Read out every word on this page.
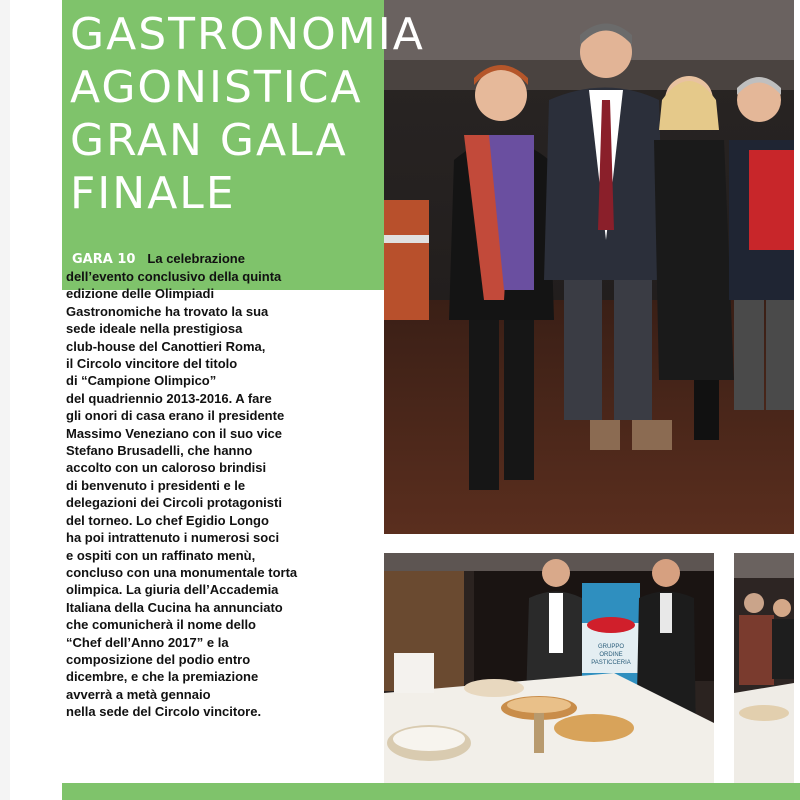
GRUPPO
ORDINE
PASTICCERIA
GASTRONOMIA
AGONISTICA
GRAN GALA
FINALE
GARA 10 La celebrazione
dell’evento conclusivo della quinta
edizione delle Olimpiadi
Gastronomiche ha trovato la sua
sede ideale nella prestigiosa
club-house del Canottieri Roma,
il Circolo vincitore del titolo
di “Campione Olimpico”
del quadriennio 2013-2016. A fare
gli onori di casa erano il presidente
Massimo Veneziano con il suo vice
Stefano Brusadelli, che hanno
accolto con un caloroso brindisi
di benvenuto i presidenti e le
delegazioni dei Circoli protagonisti
del torneo. Lo chef Egidio Longo
ha poi intrattenuto i numerosi soci
e ospiti con un raffinato menù,
concluso con una monumentale torta
olimpica. La giuria dell’Accademia
Italiana della Cucina ha annunciato
che comunicherà il nome dello
“Chef dell’Anno 2017” e la
composizione del podio entro
dicembre, e che la premiazione
avverrà a metà gennaio
nella sede del Circolo vincitore.
